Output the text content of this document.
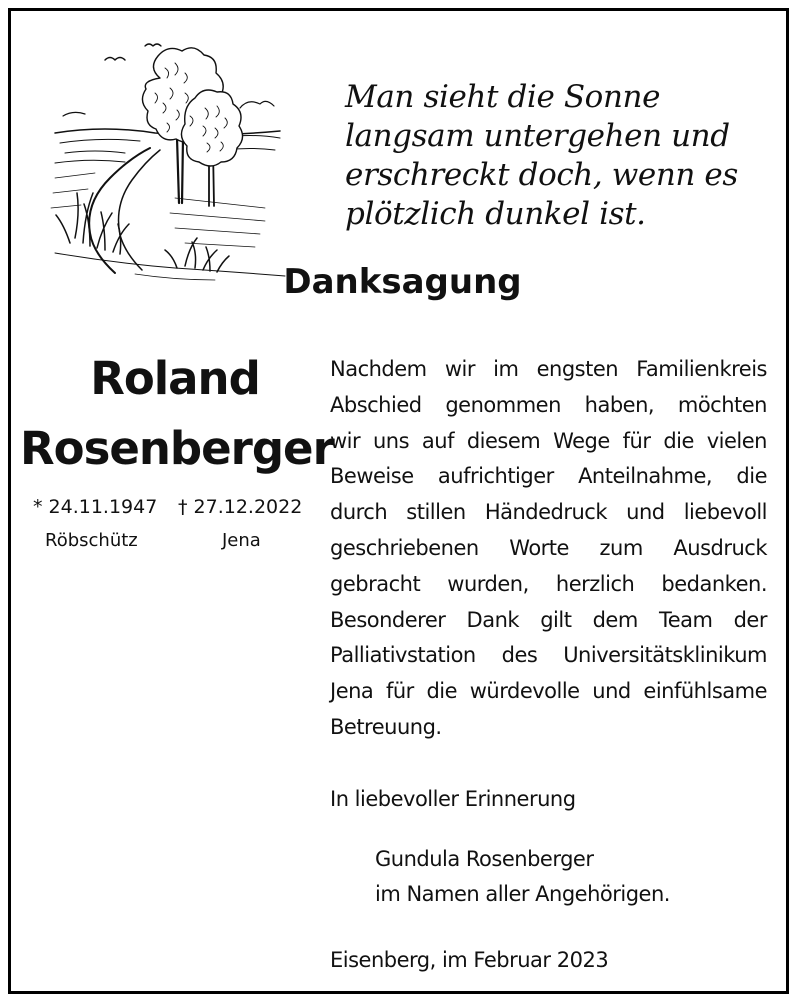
Man sieht die Sonne
langsam untergehen und
erschreckt doch, wenn es
plötzlich dunkel ist.
Danksagung
Roland
Rosenberger
* 24.11.1947 † 27.12.2022
Röbschütz	Jena
Nachdem wir im engsten Familienkreis
Abschied genommen haben, möchten
wir uns auf diesem Wege für die vielen
Beweise aufrichtiger Anteilnahme, die
durch stillen Händedruck und liebevoll
geschriebenen Worte zum Ausdruck
gebracht wurden, herzlich bedanken.
Besonderer Dank gilt dem Team der
Palliativstation des Universitätsklinikum
Jena für die würdevolle und einfühlsame
Betreuung.
In liebevoller Erinnerung
Gundula Rosenberger
im Namen aller Angehörigen.
Eisenberg, im Februar 2023
